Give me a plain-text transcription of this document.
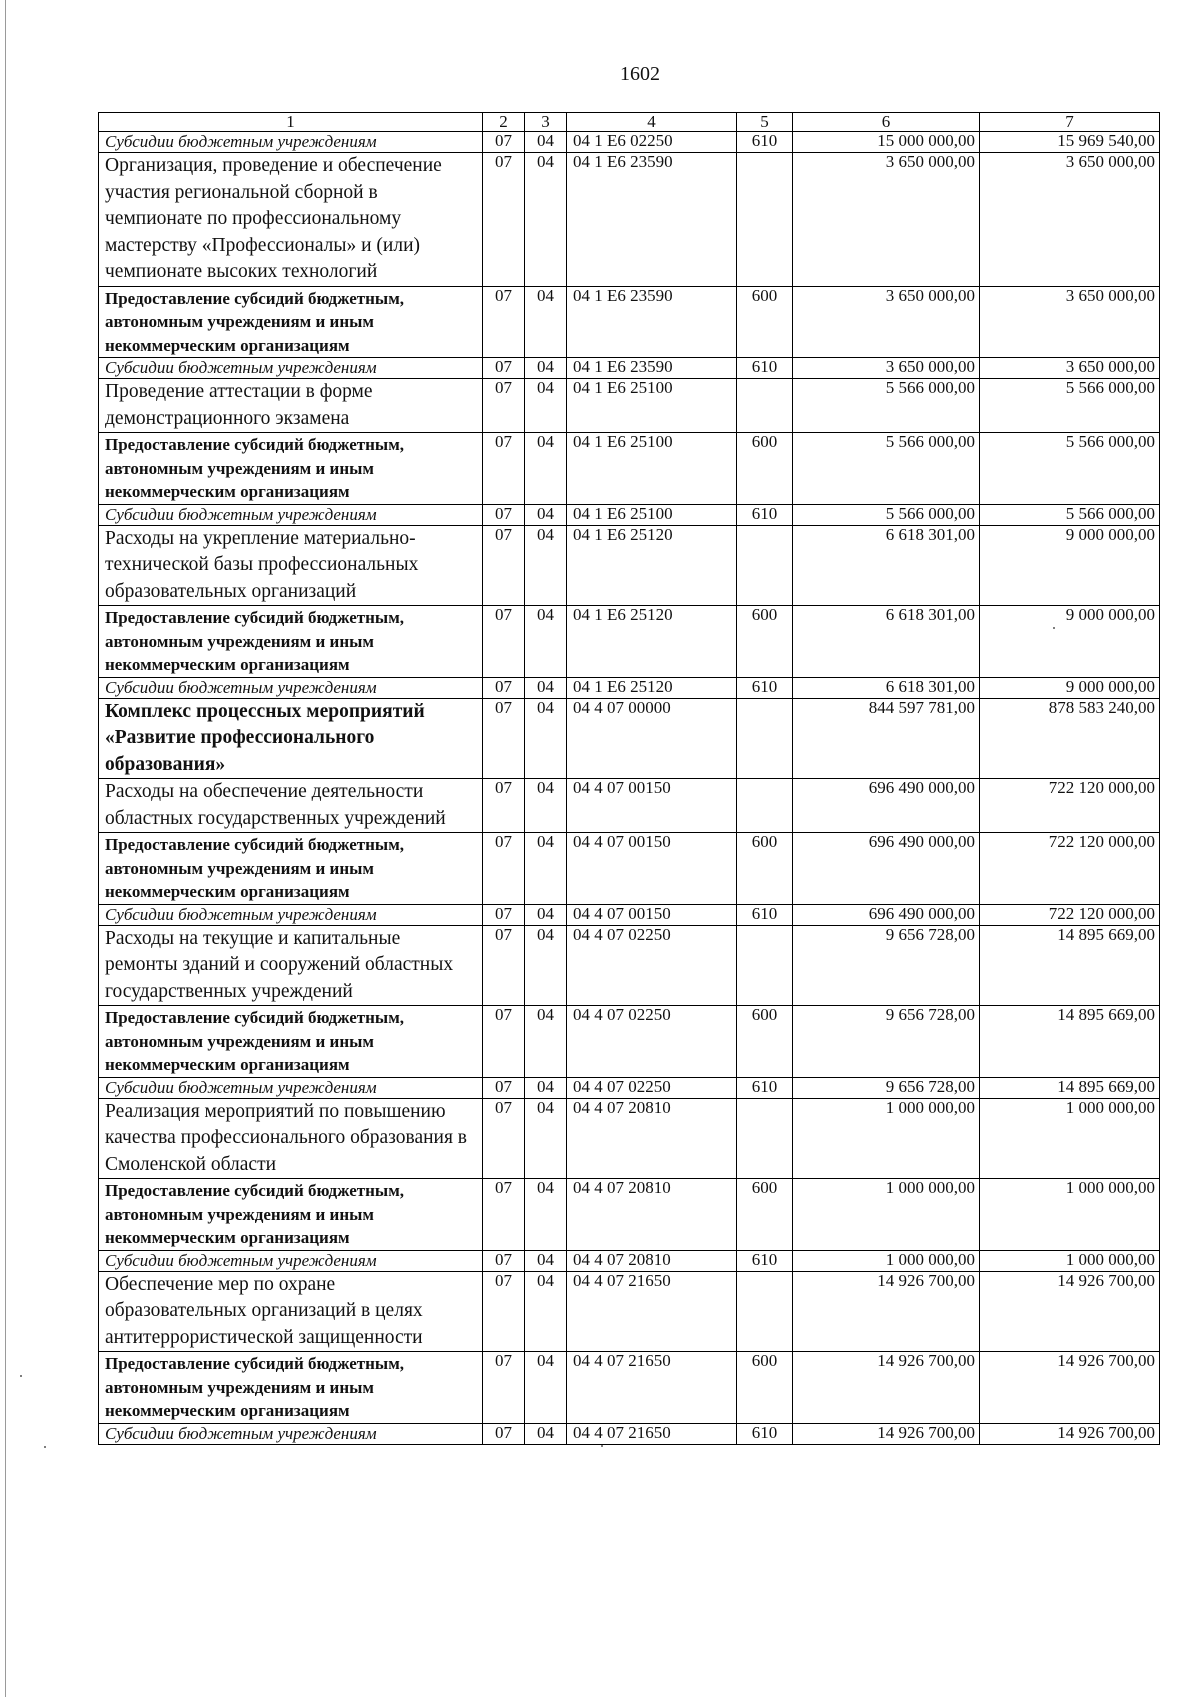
1602
1	2	3	4	5	6	7
Субсидии бюджетным учреждениям	07	04	04 1 Е6 02250	610	15 000 000,00	15 969 540,00
Организация, проведение и обеспечение участия региональной сборной в чемпионате по профессиональному мастерству «Профессионалы» и (или) чемпионате высоких технологий	07	04	04 1 Е6 23590		3 650 000,00	3 650 000,00
Предоставление субсидий бюджетным, автономным учреждениям и иным некоммерческим организациям	07	04	04 1 Е6 23590	600	3 650 000,00	3 650 000,00
Субсидии бюджетным учреждениям	07	04	04 1 Е6 23590	610	3 650 000,00	3 650 000,00
Проведение аттестации в форме демонстрационного экзамена	07	04	04 1 Е6 25100		5 566 000,00	5 566 000,00
Предоставление субсидий бюджетным, автономным учреждениям и иным некоммерческим организациям	07	04	04 1 Е6 25100	600	5 566 000,00	5 566 000,00
Субсидии бюджетным учреждениям	07	04	04 1 Е6 25100	610	5 566 000,00	5 566 000,00
Расходы на укрепление материально-технической базы профессиональных образовательных организаций	07	04	04 1 Е6 25120		6 618 301,00	9 000 000,00
Предоставление субсидий бюджетным, автономным учреждениям и иным некоммерческим организациям	07	04	04 1 Е6 25120	600	6 618 301,00	9 000 000,00
Субсидии бюджетным учреждениям	07	04	04 1 Е6 25120	610	6 618 301,00	9 000 000,00
Комплекс процессных мероприятий «Развитие профессионального образования»	07	04	04 4 07 00000		844 597 781,00	878 583 240,00
Расходы на обеспечение деятельности областных государственных учреждений	07	04	04 4 07 00150		696 490 000,00	722 120 000,00
Предоставление субсидий бюджетным, автономным учреждениям и иным некоммерческим организациям	07	04	04 4 07 00150	600	696 490 000,00	722 120 000,00
Субсидии бюджетным учреждениям	07	04	04 4 07 00150	610	696 490 000,00	722 120 000,00
Расходы на текущие и капитальные ремонты зданий и сооружений областных государственных учреждений	07	04	04 4 07 02250		9 656 728,00	14 895 669,00
Предоставление субсидий бюджетным, автономным учреждениям и иным некоммерческим организациям	07	04	04 4 07 02250	600	9 656 728,00	14 895 669,00
Субсидии бюджетным учреждениям	07	04	04 4 07 02250	610	9 656 728,00	14 895 669,00
Реализация мероприятий по повышению качества профессионального образования в Смоленской области	07	04	04 4 07 20810		1 000 000,00	1 000 000,00
Предоставление субсидий бюджетным, автономным учреждениям и иным некоммерческим организациям	07	04	04 4 07 20810	600	1 000 000,00	1 000 000,00
Субсидии бюджетным учреждениям	07	04	04 4 07 20810	610	1 000 000,00	1 000 000,00
Обеспечение мер по охране образовательных организаций в целях антитеррористической защищенности	07	04	04 4 07 21650		14 926 700,00	14 926 700,00
Предоставление субсидий бюджетным, автономным учреждениям и иным некоммерческим организациям	07	04	04 4 07 21650	600	14 926 700,00	14 926 700,00
Субсидии бюджетным учреждениям	07	04	04 4 07 21650	610	14 926 700,00	14 926 700,00
